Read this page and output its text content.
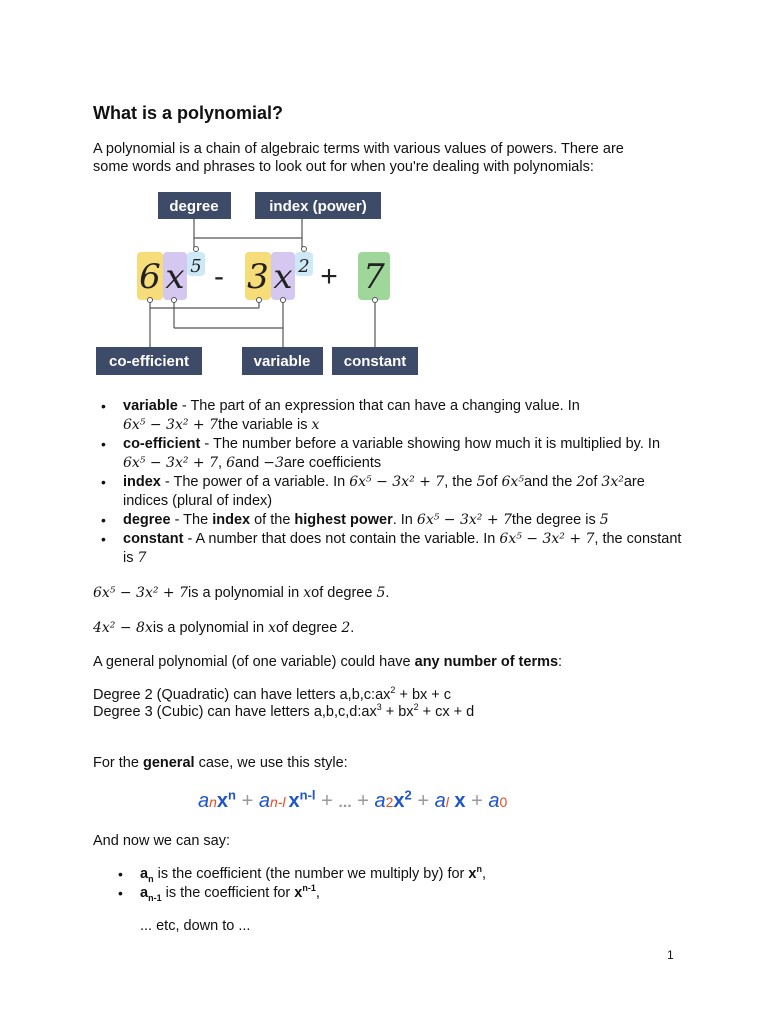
What is a polynomial?
A polynomial is a chain of algebraic terms with various values of powers. There are some words and phrases to look out for when you're dealing with polynomials:
degree	index (power)
6 x 5 3 x 2 7
-	+
co-efficient	variable constant
• variable - The part of an expression that can have a changing value. In
6x⁵ − 3x² + 7the variable is x
• co-efficient - The number before a variable showing how much it is multiplied by. In
6x⁵ − 3x² + 7, 6and −3are coefficients
• index - The power of a variable. In 6x⁵ − 3x² + 7, the 5of 6x⁵and the 2of 3x²are indices (plural of index)
• degree - The index of the highest power. In 6x⁵ − 3x² + 7the degree is 5
• constant - A number that does not contain the variable. In 6x⁵ − 3x² + 7, the constant is 7
6x⁵ − 3x² + 7is a polynomial in xof degree 5.
4x² − 8xis a polynomial in xof degree 2.
A general polynomial (of one variable) could have any number of terms:
Degree 2 (Quadratic) can have letters $a,b,c:ax^2$ + bx + c
Degree 3 (Cubic) can have letters $a,b,c,d:ax^3 + bx^2$ + cx + d
For the general case, we use this style:
anx$^n$ + an-l $x^{n-l}$ + ... + $a2x^2$ + al x + a0
And now we can say:
• $a_n$ is the coefficient (the number we multiply by) for $x^n$,
• $a_{n-1}$ is the coefficient for $x^{n-1}$,
... etc, down to ...
1
